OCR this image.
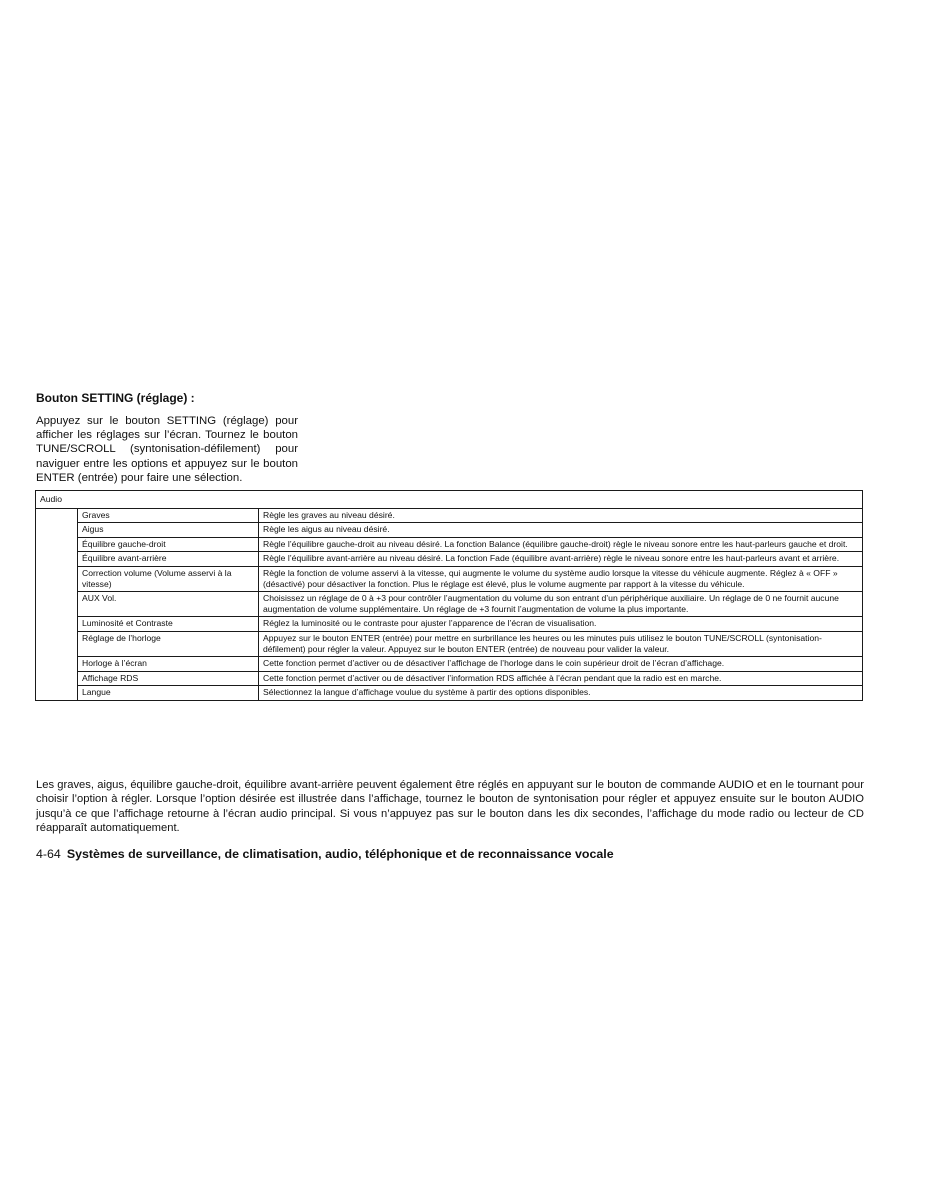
Bouton SETTING (réglage) :

Appuyez sur le bouton SETTING (réglage) pour afficher les réglages sur l’écran. Tournez le bouton TUNE/SCROLL (syntonisation-défilement) pour naviguer entre les options et appuyez sur le bouton ENTER (entrée) pour faire une sélection.

Audio		
	Graves	Règle les graves au niveau désiré.
	Aigus	Règle les aigus au niveau désiré.
	Équilibre gauche-droit	Règle l’équilibre gauche-droit au niveau désiré. La fonction Balance (équilibre gauche-droit) règle le niveau sonore entre les haut-parleurs gauche et droit.
	Équilibre avant-arrière	Règle l’équilibre avant-arrière au niveau désiré. La fonction Fade (équilibre avant-arrière) règle le niveau sonore entre les haut-parleurs avant et arrière.
	Correction volume (Volume asservi à la vitesse)	Règle la fonction de volume asservi à la vitesse, qui augmente le volume du système audio lorsque la vitesse du véhicule augmente. Réglez à « OFF » (désactivé) pour désactiver la fonction. Plus le réglage est élevé, plus le volume augmente par rapport à la vitesse du véhicule.
	AUX Vol.	Choisissez un réglage de 0 à +3 pour contrôler l’augmentation du volume du son entrant d’un périphérique auxiliaire. Un réglage de 0 ne fournit aucune augmentation de volume supplémentaire. Un réglage de +3 fournit l’augmentation de volume la plus importante.
	Luminosité et Contraste	Réglez la luminosité ou le contraste pour ajuster l’apparence de l’écran de visualisation.
	Réglage de l’horloge	Appuyez sur le bouton ENTER (entrée) pour mettre en surbrillance les heures ou les minutes puis utilisez le bouton TUNE/SCROLL (syntonisation-défilement) pour régler la valeur. Appuyez sur le bouton ENTER (entrée) de nouveau pour valider la valeur.
	Horloge à l’écran	Cette fonction permet d’activer ou de désactiver l’affichage de l’horloge dans le coin supérieur droit de l’écran d’affichage.
	Affichage RDS	Cette fonction permet d’activer ou de désactiver l’information RDS affichée à l’écran pendant que la radio est en marche.
	Langue	Sélectionnez la langue d’affichage voulue du système à partir des options disponibles.

Les graves, aigus, équilibre gauche-droit, équilibre avant-arrière peuvent également être réglés en appuyant sur le bouton de commande AUDIO et en le tournant pour choisir l’option à régler. Lorsque l’option désirée est illustrée dans l’affichage, tournez le bouton de syntonisation pour régler et appuyez ensuite sur le bouton AUDIO jusqu’à ce que l’affichage retourne à l’écran audio principal. Si vous n’appuyez pas sur le bouton dans les dix secondes, l’affichage du mode radio ou lecteur de CD réapparaît automatiquement.

4-64 Systèmes de surveillance, de climatisation, audio, téléphonique et de reconnaissance vocale
